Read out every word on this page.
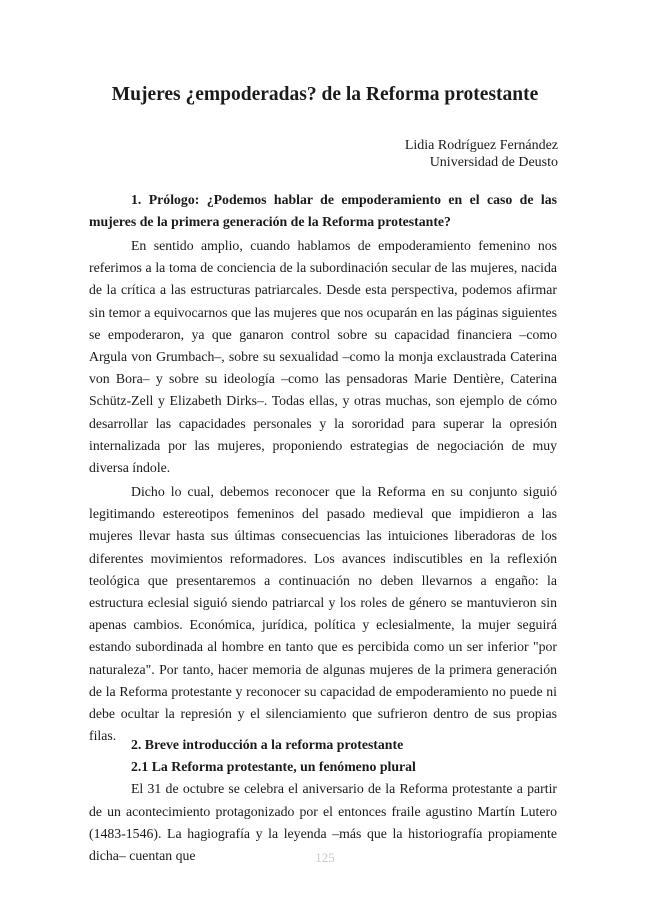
Mujeres ¿empoderadas? de la Reforma protestante
Lidia Rodríguez Fernández
Universidad de Deusto

1. Prólogo: ¿Podemos hablar de empoderamiento en el caso de las mujeres de la primera generación de la Reforma protestante?

En sentido amplio, cuando hablamos de empoderamiento femenino nos referimos a la toma de conciencia de la subordinación secular de las mujeres, nacida de la crítica a las estructuras patriarcales. Desde esta perspectiva, podemos afirmar sin temor a equivocarnos que las mujeres que nos ocuparán en las páginas siguientes se empoderaron, ya que ganaron control sobre su capacidad financiera –como Argula von Grumbach–, sobre su sexualidad –como la monja exclaustrada Caterina von Bora– y sobre su ideología –como las pensadoras Marie Dentière, Caterina Schütz-Zell y Elizabeth Dirks–. Todas ellas, y otras muchas, son ejemplo de cómo desarrollar las capacidades personales y la sororidad para superar la opresión internalizada por las mujeres, proponiendo estrategias de negociación de muy diversa índole.

Dicho lo cual, debemos reconocer que la Reforma en su conjunto siguió legitimando estereotipos femeninos del pasado medieval que impidieron a las mujeres llevar hasta sus últimas consecuencias las intuiciones liberadoras de los diferentes movimientos reformadores. Los avances indiscutibles en la reflexión teológica que presentaremos a continuación no deben llevarnos a engaño: la estructura eclesial siguió siendo patriarcal y los roles de género se mantuvieron sin apenas cambios. Económica, jurídica, política y eclesialmente, la mujer seguirá estando subordinada al hombre en tanto que es percibida como un ser inferior "por naturaleza". Por tanto, hacer memoria de algunas mujeres de la primera generación de la Reforma protestante y reconocer su capacidad de empoderamiento no puede ni debe ocultar la represión y el silenciamiento que sufrieron dentro de sus propias filas.

2. Breve introducción a la reforma protestante
2.1 La Reforma protestante, un fenómeno plural

El 31 de octubre se celebra el aniversario de la Reforma protestante a partir de un acontecimiento protagonizado por el entonces fraile agustino Martín Lutero (1483-1546). La hagiografía y la leyenda –más que la historiografía propiamente dicha– cuentan que	125
